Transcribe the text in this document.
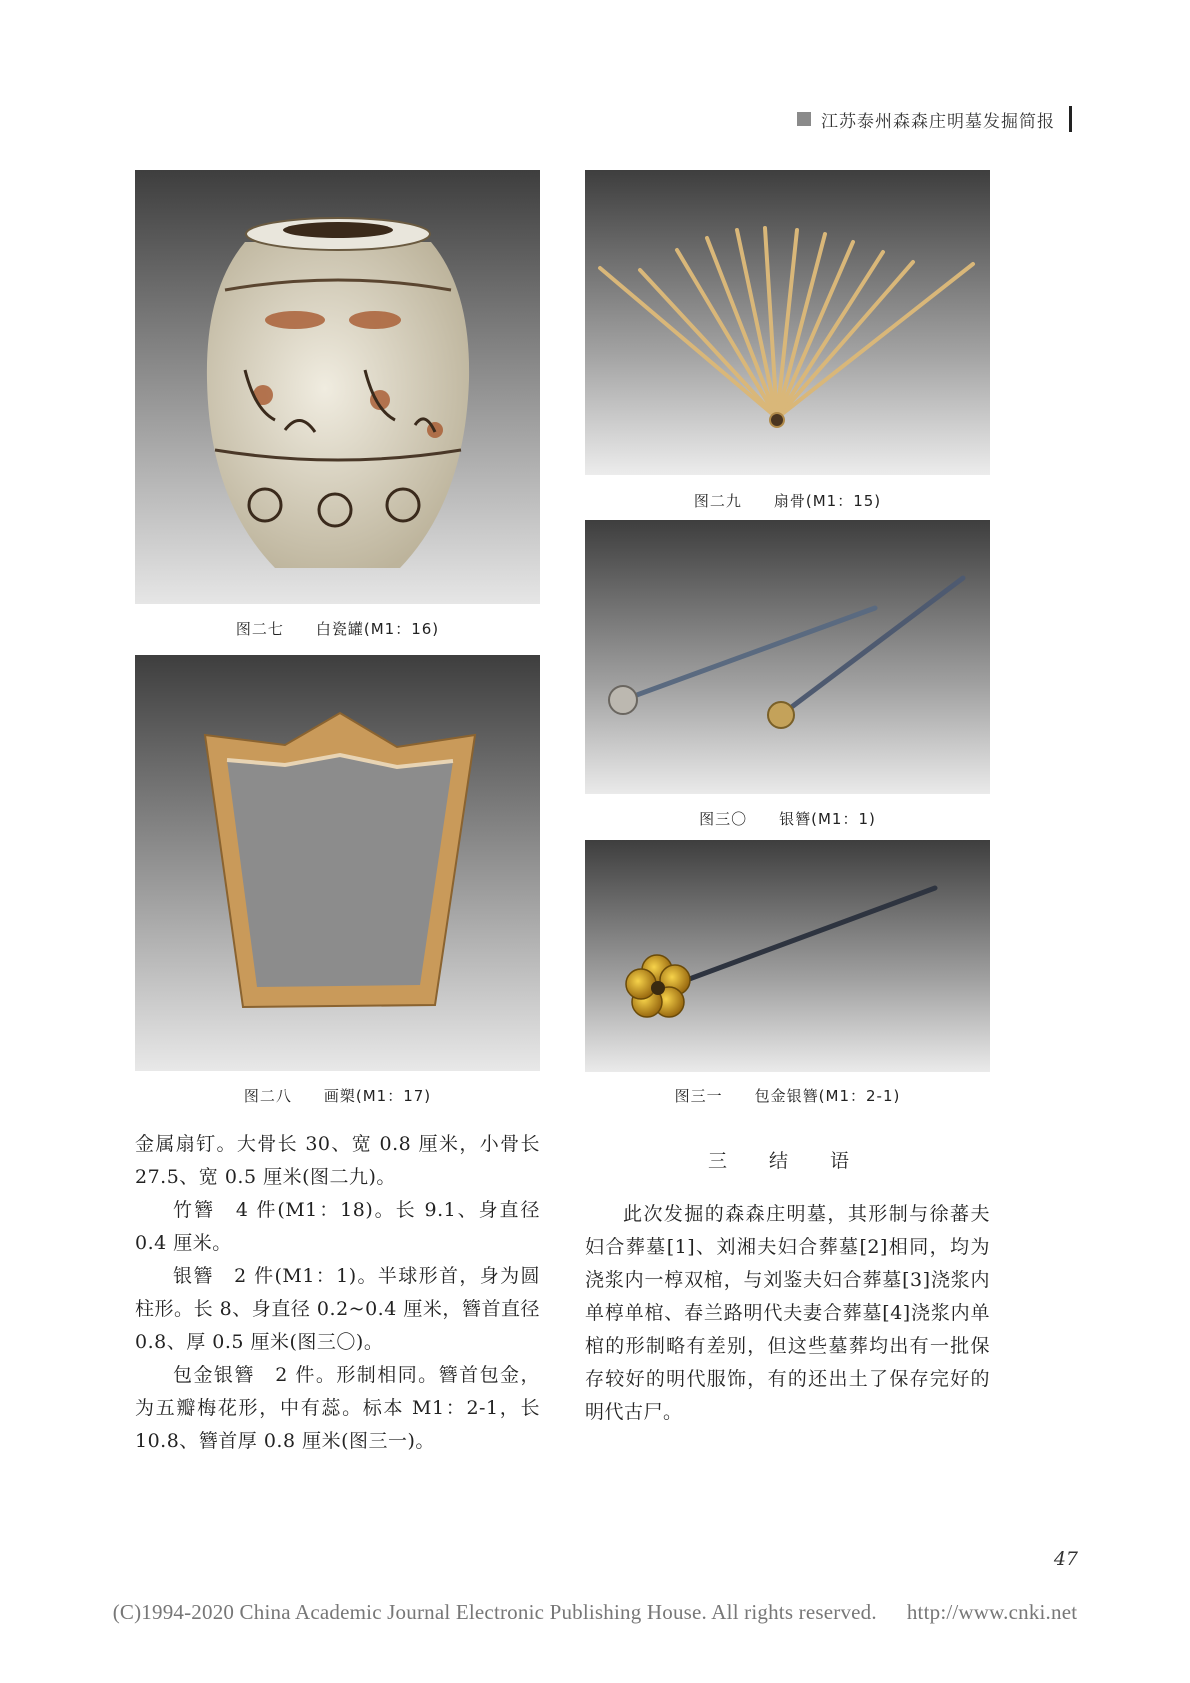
江苏泰州森森庄明墓发掘简报
图二七　　 白瓷罐(M1：16)
图二八　　 画槊(M1：17)
图二九　　 扇骨(M1：15)
图三〇　　 银簪(M1：1)
图三一　　 包金银簪(M1：2-1)

金属扇钉。大骨长 30、宽 0.8 厘米，小骨长 27.5、宽 0.5 厘米(图二九)。

竹簪　4 件(M1：18)。长 9.1、身直径 0.4 厘米。

银簪　2 件(M1：1)。半球形首，身为圆柱形。长 8、身直径 0.2~0.4 厘米，簪首直径 0.8、厚 0.5 厘米(图三〇)。

包金银簪　2 件。形制相同。簪首包金，为五瓣梅花形，中有蕊。标本 M1：2-1，长 10.8、簪首厚 0.8 厘米(图三一)。

三 结 语

此次发掘的森森庄明墓，其形制与徐蕃夫妇合葬墓[1]、刘湘夫妇合葬墓[2]相同，均为浇浆内一椁双棺，与刘鉴夫妇合葬墓[3]浇浆内单椁单棺、春兰路明代夫妻合葬墓[4]浇浆内单棺的形制略有差别，但这些墓葬均出有一批保存较好的明代服饰，有的还出土了保存完好的明代古尸。

47
(C)1994-2020 China Academic Journal Electronic Publishing House. All rights reserved. http://www.cnki.net
